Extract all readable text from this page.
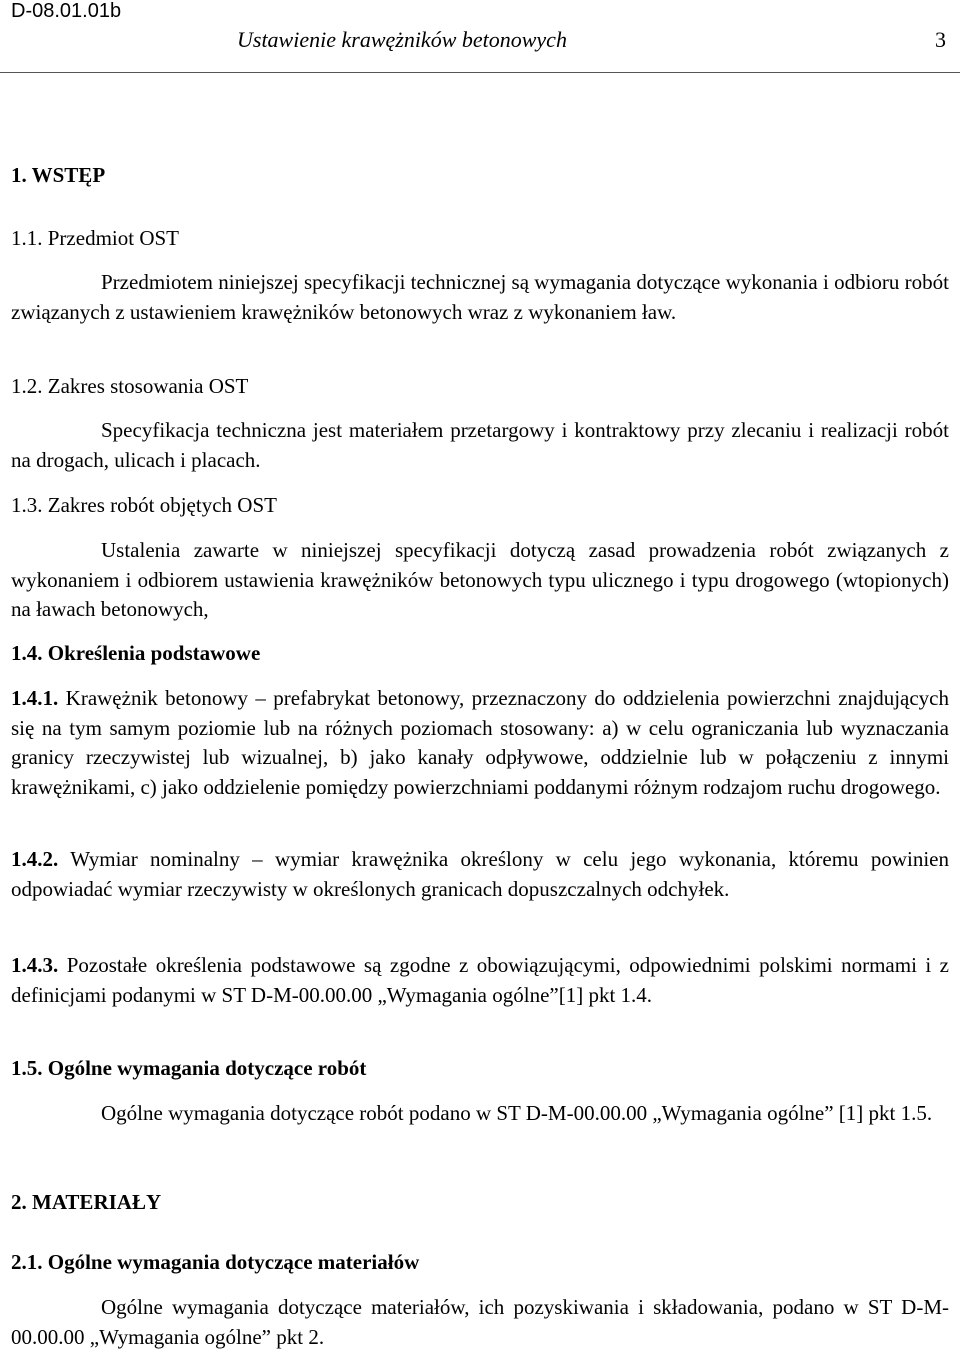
D-08.01.01b
Ustawienie krawężników betonowych	3
1. WSTĘP
1.1. Przedmiot OST

Przedmiotem niniejszej specyfikacji technicznej są wymagania dotyczące wykonania i odbioru robót związanych z ustawieniem krawężników betonowych wraz z wykonaniem ław.

1.2. Zakres stosowania OST

Specyfikacja techniczna jest materiałem przetargowy i kontraktowy przy zlecaniu i realizacji robót na drogach, ulicach i placach.

1.3. Zakres robót objętych OST

Ustalenia zawarte w niniejszej specyfikacji dotyczą zasad prowadzenia robót związanych z wykonaniem i odbiorem ustawienia krawężników betonowych typu ulicznego i typu drogowego (wtopionych) na ławach betonowych,

1.4. Określenia podstawowe

1.4.1. Krawężnik betonowy – prefabrykat betonowy, przeznaczony do oddzielenia powierzchni znajdujących się na tym samym poziomie lub na różnych poziomach stosowany: a) w celu ograniczania lub wyznaczania granicy rzeczywistej lub wizualnej, b) jako kanały odpływowe, oddzielnie lub w połączeniu z innymi krawężnikami, c) jako oddzielenie pomiędzy powierzchniami poddanymi różnym rodzajom ruchu drogowego.

1.4.2. Wymiar nominalny – wymiar krawężnika określony w celu jego wykonania, któremu powinien odpowiadać wymiar rzeczywisty w określonych granicach dopuszczalnych odchyłek.

1.4.3. Pozostałe określenia podstawowe są zgodne z obowiązującymi, odpowiednimi polskimi normami i z definicjami podanymi w ST D-M-00.00.00 „Wymagania ogólne”[1] pkt 1.4.

1.5. Ogólne wymagania dotyczące robót

Ogólne wymagania dotyczące robót podano w ST D-M-00.00.00 „Wymagania ogólne” [1] pkt 1.5.

2. MATERIAŁY
2.1. Ogólne wymagania dotyczące materiałów

Ogólne wymagania dotyczące materiałów, ich pozyskiwania i składowania, podano w ST D-M-00.00.00 „Wymagania ogólne” pkt 2.
